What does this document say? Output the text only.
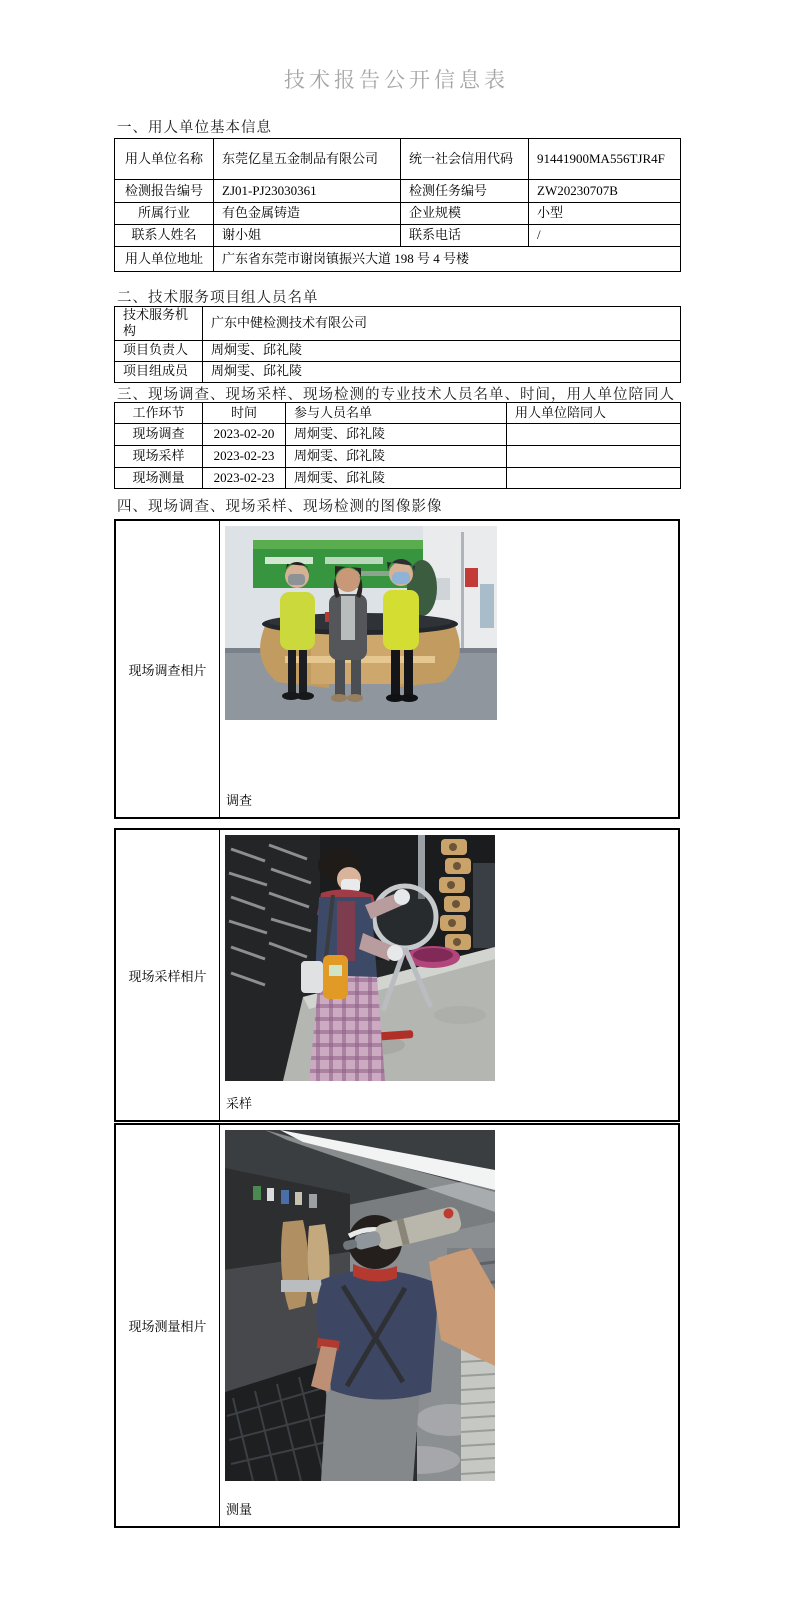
技术报告公开信息表
一、用人单位基本信息
用人单位名称	东莞亿星五金制品有限公司	统一社会信用代码	91441900MA556TJR4F
检测报告编号	ZJ01-PJ23030361	检测任务编号	ZW20230707B
所属行业	有色金属铸造	企业规模	小型
联系人姓名	谢小姐	联系电话	/
用人单位地址	广东省东莞市谢岗镇振兴大道 198 号 4 号楼		
二、技术服务项目组人员名单
技术服务机构	广东中健检测技术有限公司
项目负责人	周炯雯、邱礼陵
项目组成员	周炯雯、邱礼陵
三、现场调查、现场采样、现场检测的专业技术人员名单、时间，用人单位陪同人
工作环节	时间	参与人员名单	用人单位陪同人
现场调查	2023-02-20	周炯雯、邱礼陵	
现场采样	2023-02-23	周炯雯、邱礼陵	
现场测量	2023-02-23	周炯雯、邱礼陵	
四、现场调查、现场采样、现场检测的图像影像
现场调查相片
调查
现场采样相片
采样
现场测量相片
测量
